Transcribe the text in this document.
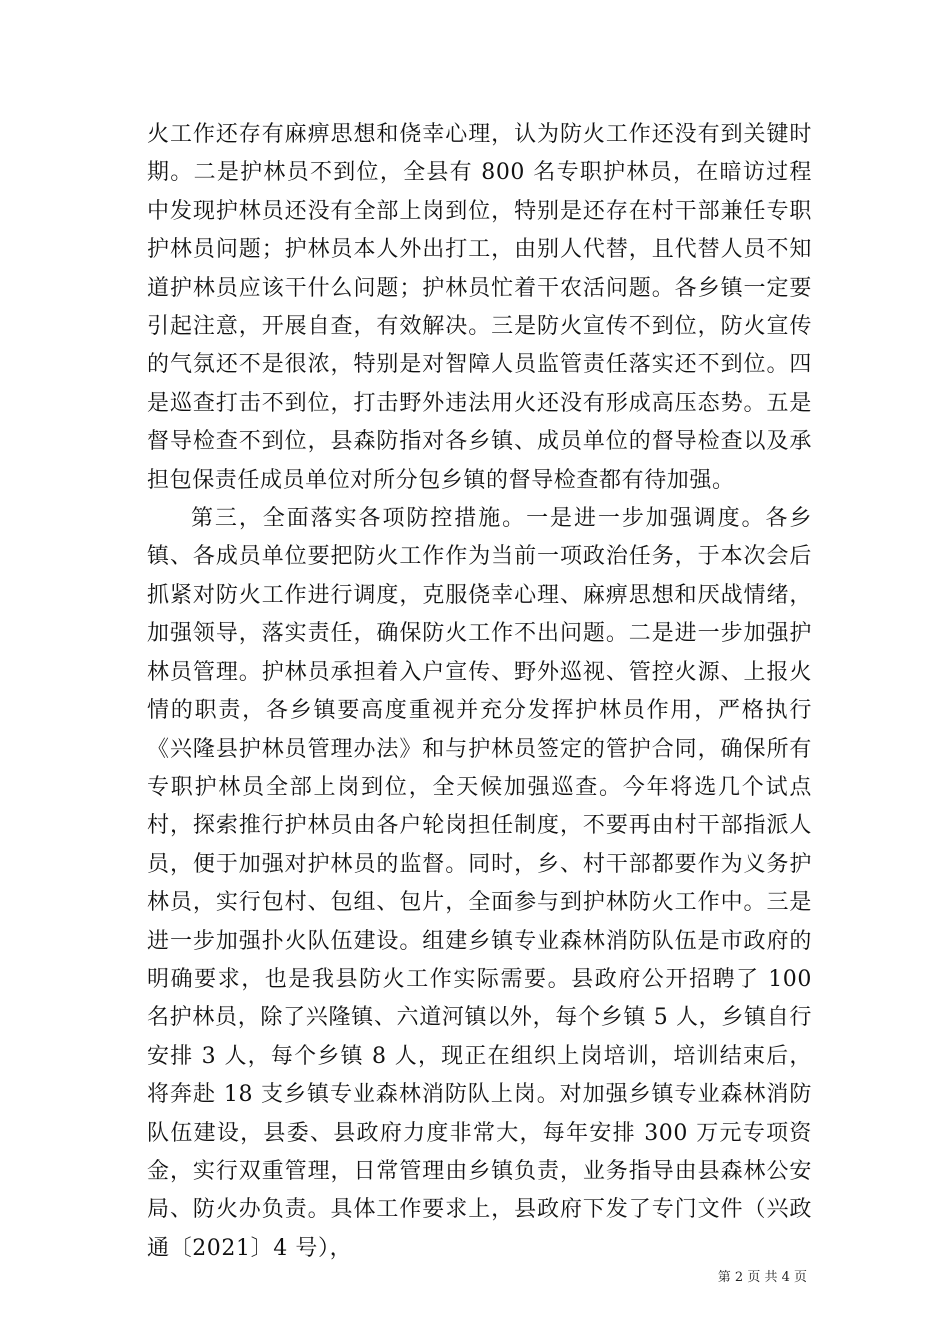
火工作还存有麻痹思想和侥幸心理，认为防火工作还没有到关键时期。二是护林员不到位，全县有 800 名专职护林员，在暗访过程中发现护林员还没有全部上岗到位，特别是还存在村干部兼任专职护林员问题；护林员本人外出打工，由别人代替，且代替人员不知道护林员应该干什么问题；护林员忙着干农活问题。各乡镇一定要引起注意，开展自查，有效解决。三是防火宣传不到位，防火宣传的气氛还不是很浓，特别是对智障人员监管责任落实还不到位。四是巡查打击不到位，打击野外违法用火还没有形成高压态势。五是督导检查不到位，县森防指对各乡镇、成员单位的督导检查以及承担包保责任成员单位对所分包乡镇的督导检查都有待加强。

第三，全面落实各项防控措施。一是进一步加强调度。各乡镇、各成员单位要把防火工作作为当前一项政治任务，于本次会后抓紧对防火工作进行调度，克服侥幸心理、麻痹思想和厌战情绪，加强领导，落实责任，确保防火工作不出问题。二是进一步加强护林员管理。护林员承担着入户宣传、野外巡视、管控火源、上报火情的职责，各乡镇要高度重视并充分发挥护林员作用，严格执行《兴隆县护林员管理办法》和与护林员签定的管护合同，确保所有专职护林员全部上岗到位，全天候加强巡查。今年将选几个试点村，探索推行护林员由各户轮岗担任制度，不要再由村干部指派人员，便于加强对护林员的监督。同时，乡、村干部都要作为义务护林员，实行包村、包组、包片，全面参与到护林防火工作中。三是进一步加强扑火队伍建设。组建乡镇专业森林消防队伍是市政府的明确要求，也是我县防火工作实际需要。县政府公开招聘了 100 名护林员，除了兴隆镇、六道河镇以外，每个乡镇 5 人，乡镇自行安排 3 人，每个乡镇 8 人，现正在组织上岗培训，培训结束后，将奔赴 18 支乡镇专业森林消防队上岗。对加强乡镇专业森林消防队伍建设，县委、县政府力度非常大，每年安排 300 万元专项资金，实行双重管理，日常管理由乡镇负责，业务指导由县森林公安局、防火办负责。具体工作要求上，县政府下发了专门文件（兴政通〔2021〕4 号），

第 2 页 共 4 页
